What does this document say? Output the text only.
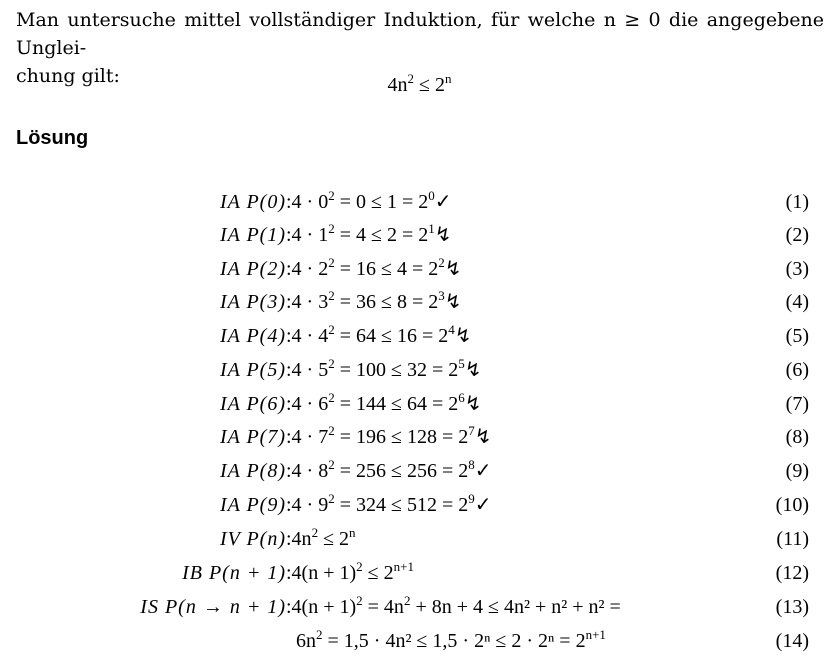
Man untersuche mittel vollständiger Induktion, für welche n ≥ 0 die angegebene Unglei-
chung gilt:	$4n^2 \le 2^n$
Lösung
IA P(0) :4 · $0^2 = 0 \le 1$ = $2^0✓$	(1)
IA P(1) :4 · $1^2 = 4 \le 2$ = $2^1↯$	(2)
IA P(2) :4 · $2^2 = 16 \le 4$ = $2^2↯$	(3)
IA P(3) :4 · $3^2 = 36 \le 8$ = $2^3↯$	(4)
IA P(4) :4 · $4^2 = 64 \le 16$ = $2^4↯$	(5)
IA P(5) :4 · $5^2 = 100 \le 32$ = $2^5↯$	(6)
IA P(6) :4 · $6^2 = 144 \le 64$ = $2^6↯$	(7)
IA P(7) :4 · $7^2 = 196 \le 128$ = $2^7↯$	(8)
IA P(8) :4 · $8^2 = 256 \le 256$ = $2^8✓$	(9)
IA P(9) :4 · $9^2 = 324 \le 512$ = $2^9✓$	(10)
IV P(n) $:4n^2 \le 2^n$	(11)
IB P(n + 1) :4(n + $1)^2 \le 2^{n+1}$	(12)
IS P(n → n + 1) :4(n + $1)^2 = 4n^2 + 8n + 4 \le 4n^2 + n^2 + n^2$ =	(13)
$6n^2 = 1,5 \cdot 4n^2 \le 1,5 \cdot 2^n \le 2 \cdot 2^n = 2^{n+1}$	(14)
